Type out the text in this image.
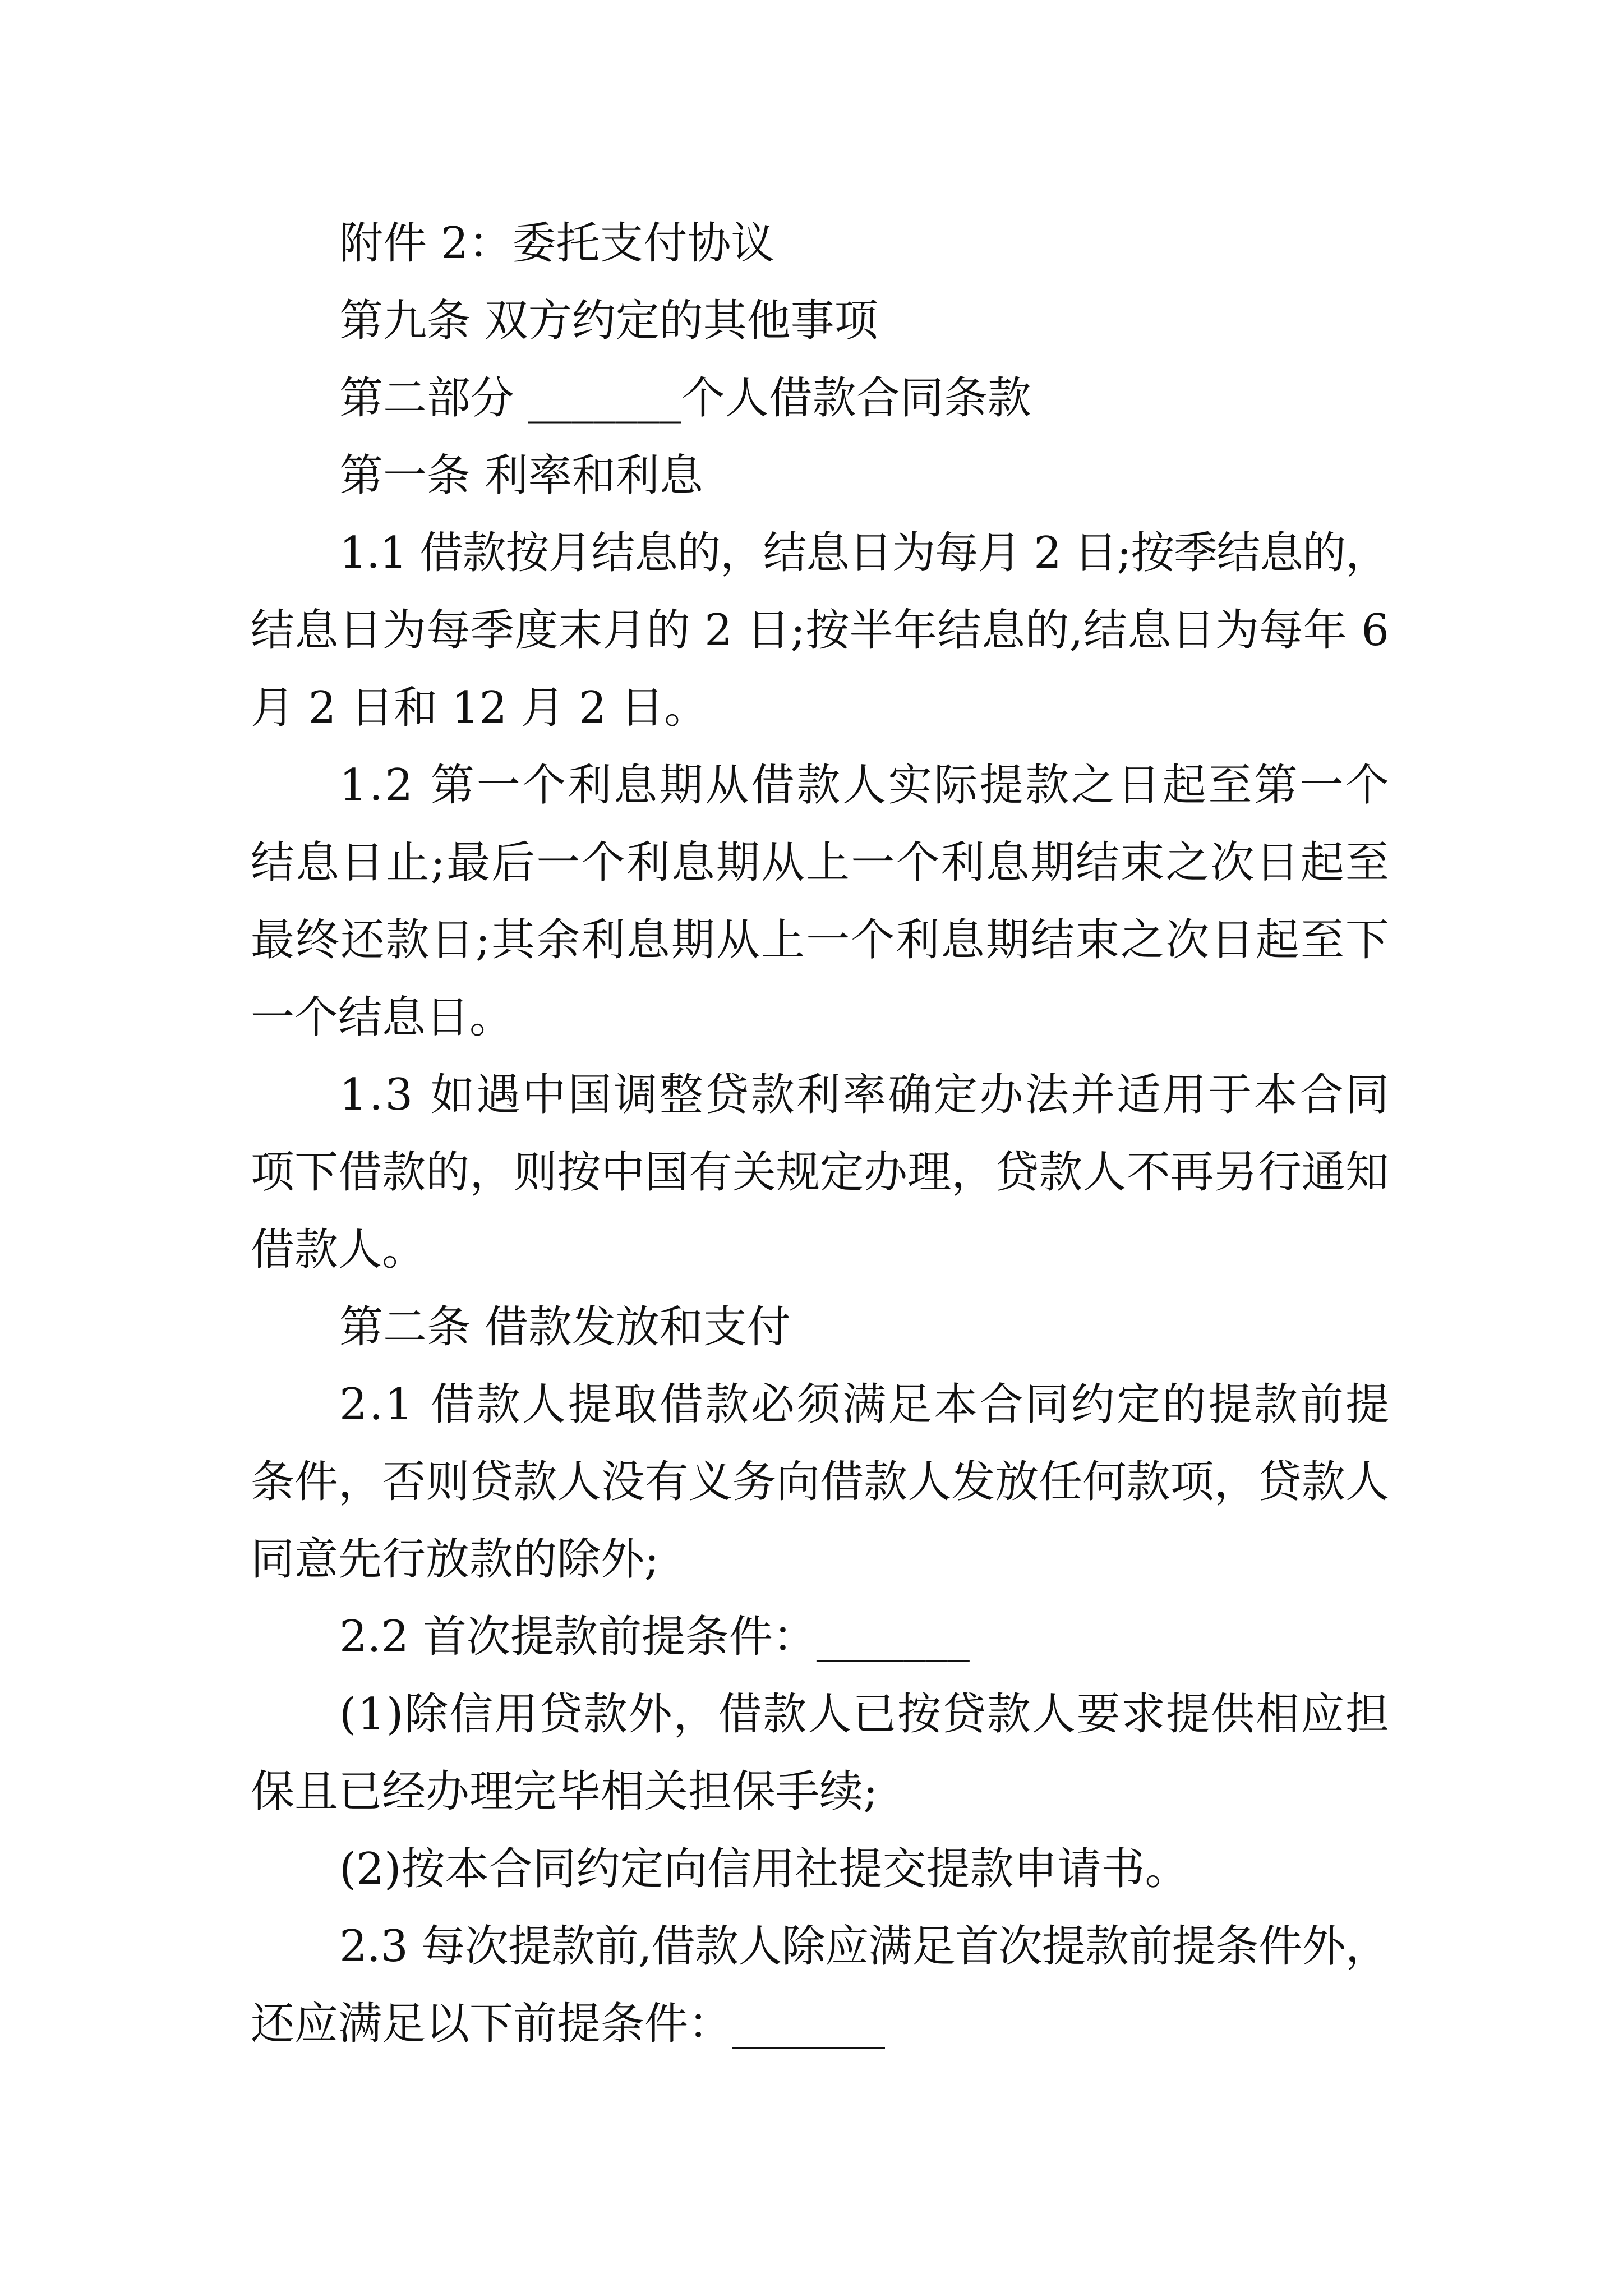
附件 2：委托支付协议
第九条 双方约定的其他事项
第二部分 _______个人借款合同条款
第一条 利率和利息
1.1 借款按月结息的，结息日为每月 2 日;按季结息的，
结息日为每季度末月的 2 日;按半年结息的,结息日为每年 6
月 2 日和 12 月 2 日。
1.2 第一个利息期从借款人实际提款之日起至第一个
结息日止;最后一个利息期从上一个利息期结束之次日起至
最终还款日;其余利息期从上一个利息期结束之次日起至下
一个结息日。
1.3 如遇中国调整贷款利率确定办法并适用于本合同
项下借款的，则按中国有关规定办理，贷款人不再另行通知
借款人。
第二条 借款发放和支付
2.1 借款人提取借款必须满足本合同约定的提款前提
条件，否则贷款人没有义务向借款人发放任何款项，贷款人
同意先行放款的除外;
2.2 首次提款前提条件：_______
(1)除信用贷款外，借款人已按贷款人要求提供相应担
保且已经办理完毕相关担保手续;
(2)按本合同约定向信用社提交提款申请书。
2.3 每次提款前,借款人除应满足首次提款前提条件外，
还应满足以下前提条件：_______
